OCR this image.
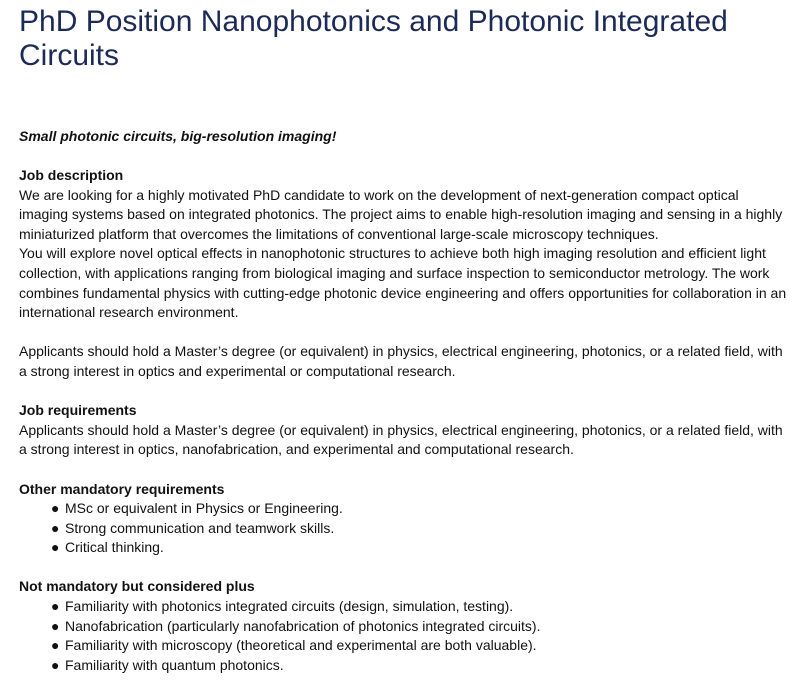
PhD Position Nanophotonics and Photonic Integrated Circuits

Small photonic circuits, big-resolution imaging!

Job description

We are looking for a highly motivated PhD candidate to work on the development of next-generation compact optical imaging systems based on integrated photonics. The project aims to enable high-resolution imaging and sensing in a highly miniaturized platform that overcomes the limitations of conventional large-scale microscopy techniques.

You will explore novel optical effects in nanophotonic structures to achieve both high imaging resolution and efficient light collection, with applications ranging from biological imaging and surface inspection to semiconductor metrology. The work combines fundamental physics with cutting-edge photonic device engineering and offers opportunities for collaboration in an international research environment.

Applicants should hold a Master’s degree (or equivalent) in physics, electrical engineering, photonics, or a related field, with a strong interest in optics and experimental or computational research.

Job requirements

Applicants should hold a Master’s degree (or equivalent) in physics, electrical engineering, photonics, or a related field, with a strong interest in optics, nanofabrication, and experimental and computational research.

Other mandatory requirements

● MSc or equivalent in Physics or Engineering.
● Strong communication and teamwork skills.
● Critical thinking.

Not mandatory but considered plus

● Familiarity with photonics integrated circuits (design, simulation, testing).
● Nanofabrication (particularly nanofabrication of photonics integrated circuits).
● Familiarity with microscopy (theoretical and experimental are both valuable).
● Familiarity with quantum photonics.
